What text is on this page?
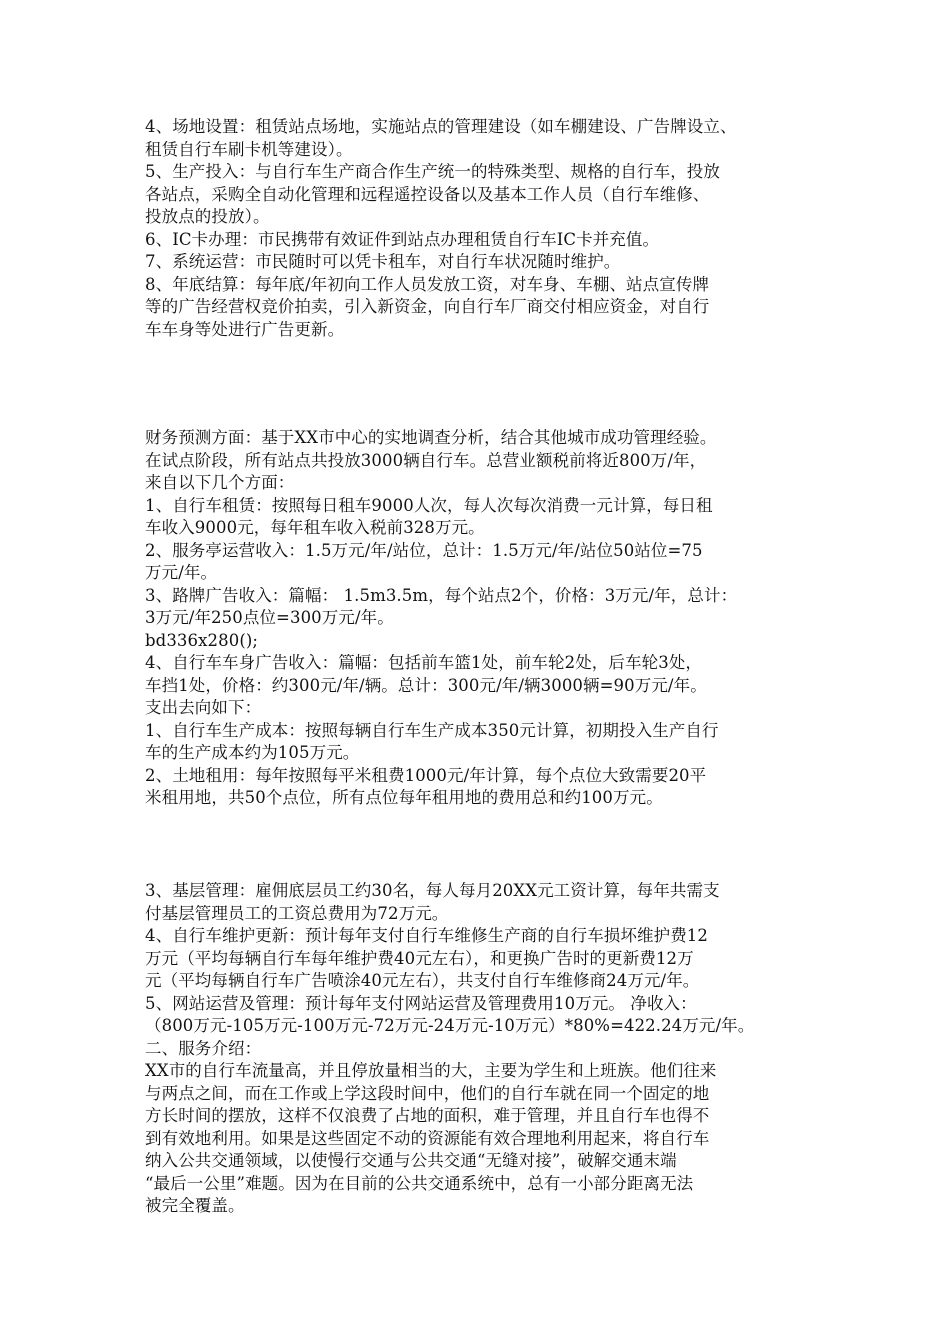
4、场地设置：租赁站点场地，实施站点的管理建设（如车棚建设、广告牌设立、
租赁自行车刷卡机等建设）。
5、生产投入：与自行车生产商合作生产统一的特殊类型、规格的自行车，投放
各站点，采购全自动化管理和远程遥控设备以及基本工作人员（自行车维修、
投放点的投放）。
6、IC卡办理：市民携带有效证件到站点办理租赁自行车IC卡并充值。
7、系统运营：市民随时可以凭卡租车，对自行车状况随时维护。
8、年底结算：每年底/年初向工作人员发放工资，对车身、车棚、站点宣传牌
等的广告经营权竞价拍卖，引入新资金，向自行车厂商交付相应资金，对自行
车车身等处进行广告更新。
财务预测方面：基于XX市中心的实地调查分析，结合其他城市成功管理经验。
在试点阶段，所有站点共投放3000辆自行车。总营业额税前将近800万/年，
来自以下几个方面：
1、自行车租赁：按照每日租车9000人次，每人次每次消费一元计算，每日租
车收入9000元，每年租车收入税前328万元。
2、服务亭运营收入：1.5万元/年/站位，总计：1.5万元/年/站位50站位=75
万元/年。
3、路牌广告收入：篇幅： 1.5m3.5m，每个站点2个，价格：3万元/年，总计：
3万元/年250点位=300万元/年。
bd336x280();
4、自行车车身广告收入：篇幅：包括前车篮1处，前车轮2处，后车轮3处，
车挡1处，价格：约300元/年/辆。总计：300元/年/辆3000辆=90万元/年。
支出去向如下：
1、自行车生产成本：按照每辆自行车生产成本350元计算，初期投入生产自行
车的生产成本约为105万元。
2、土地租用：每年按照每平米租费1000元/年计算，每个点位大致需要20平
米租用地，共50个点位，所有点位每年租用地的费用总和约100万元。
3、基层管理：雇佣底层员工约30名，每人每月20XX元工资计算，每年共需支
付基层管理员工的工资总费用为72万元。
4、自行车维护更新：预计每年支付自行车维修生产商的自行车损坏维护费12
万元（平均每辆自行车每年维护费40元左右），和更换广告时的更新费12万
元（平均每辆自行车广告喷涂40元左右），共支付自行车维修商24万元/年。
5、网站运营及管理：预计每年支付网站运营及管理费用10万元。 净收入：
（800万元-105万元-100万元-72万元-24万元-10万元）*80%=422.24万元/年。
二、服务介绍：
XX市的自行车流量高，并且停放量相当的大，主要为学生和上班族。他们往来
与两点之间，而在工作或上学这段时间中，他们的自行车就在同一个固定的地
方长时间的摆放，这样不仅浪费了占地的面积，难于管理，并且自行车也得不
到有效地利用。如果是这些固定不动的资源能有效合理地利用起来，将自行车
纳入公共交通领域，以使慢行交通与公共交通“无缝对接”，破解交通末端
“最后一公里”难题。因为在目前的公共交通系统中，总有一小部分距离无法
被完全覆盖。
